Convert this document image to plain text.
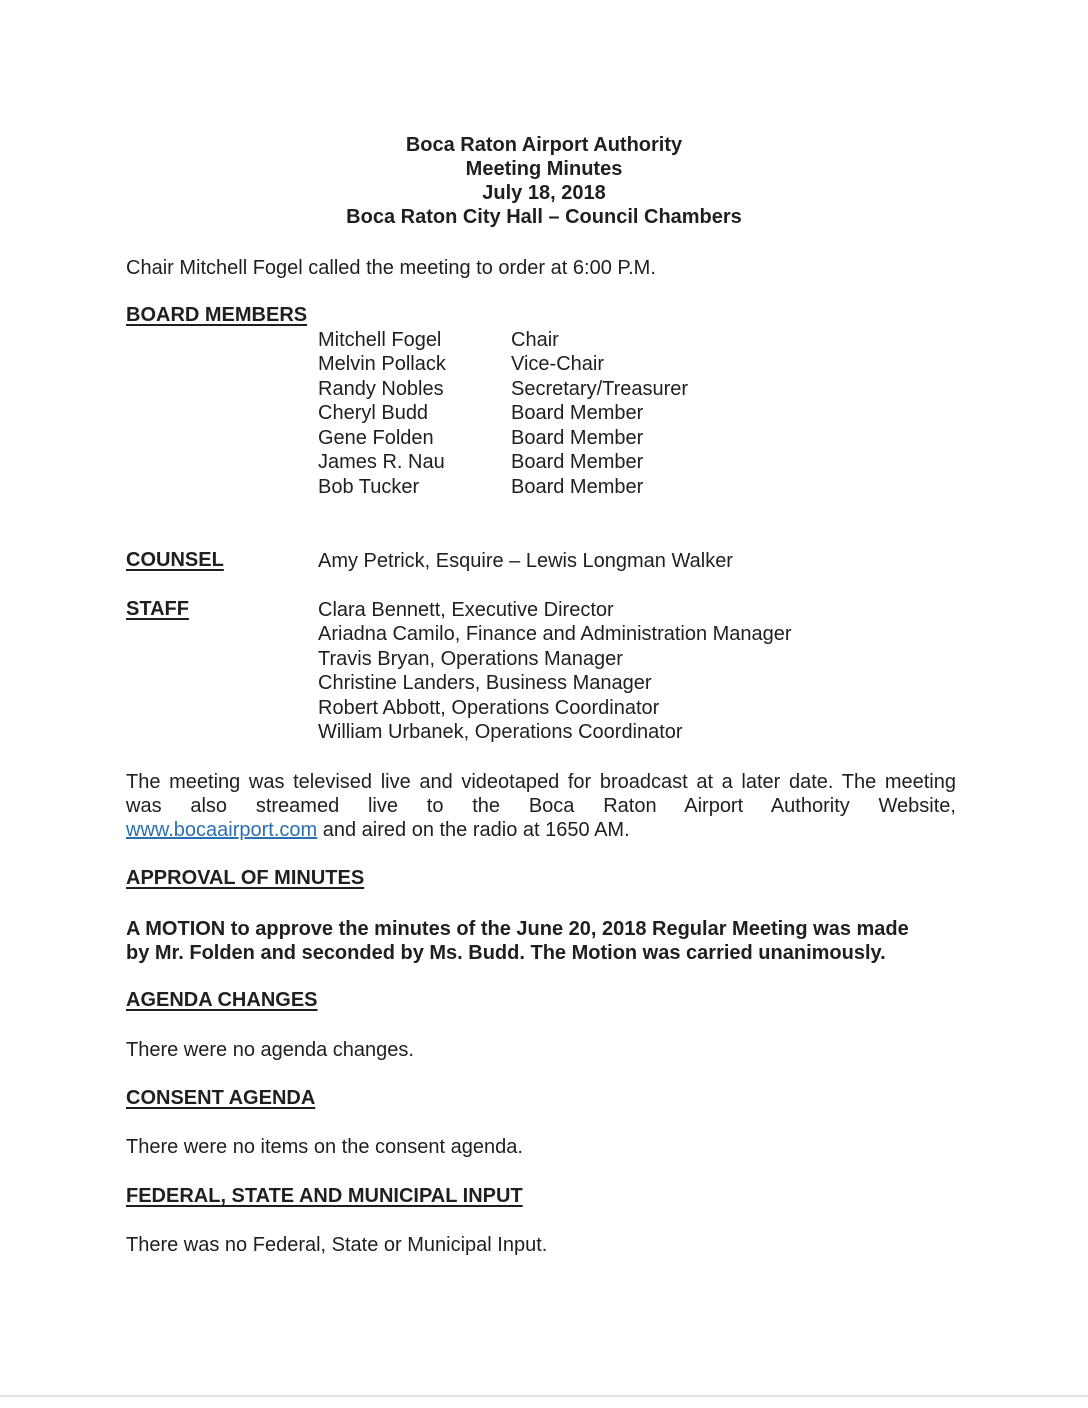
Boca Raton Airport Authority
Meeting Minutes
July 18, 2018
Boca Raton City Hall – Council Chambers
Chair Mitchell Fogel called the meeting to order at 6:00 P.M.
BOARD MEMBERS
Mitchell Fogel	Chair
Melvin Pollack	Vice-Chair
Randy Nobles	Secretary/Treasurer
Cheryl Budd	Board Member
Gene Folden	Board Member
James R. Nau	Board Member
Bob Tucker	Board Member
COUNSEL	Amy Petrick, Esquire – Lewis Longman Walker
STAFF	Clara Bennett, Executive Director
Ariadna Camilo, Finance and Administration Manager
Travis Bryan, Operations Manager
Christine Landers, Business Manager
Robert Abbott, Operations Coordinator
William Urbanek, Operations Coordinator
The meeting was televised live and videotaped for broadcast at a later date. The meeting
was also streamed live to the Boca Raton Airport Authority Website,
www.bocaairport.com and aired on the radio at 1650 AM.
APPROVAL OF MINUTES
A MOTION to approve the minutes of the June 20, 2018 Regular Meeting was made
by Mr. Folden and seconded by Ms. Budd. The Motion was carried unanimously.
AGENDA CHANGES
There were no agenda changes.
CONSENT AGENDA
There were no items on the consent agenda.
FEDERAL, STATE AND MUNICIPAL INPUT
There was no Federal, State or Municipal Input.
